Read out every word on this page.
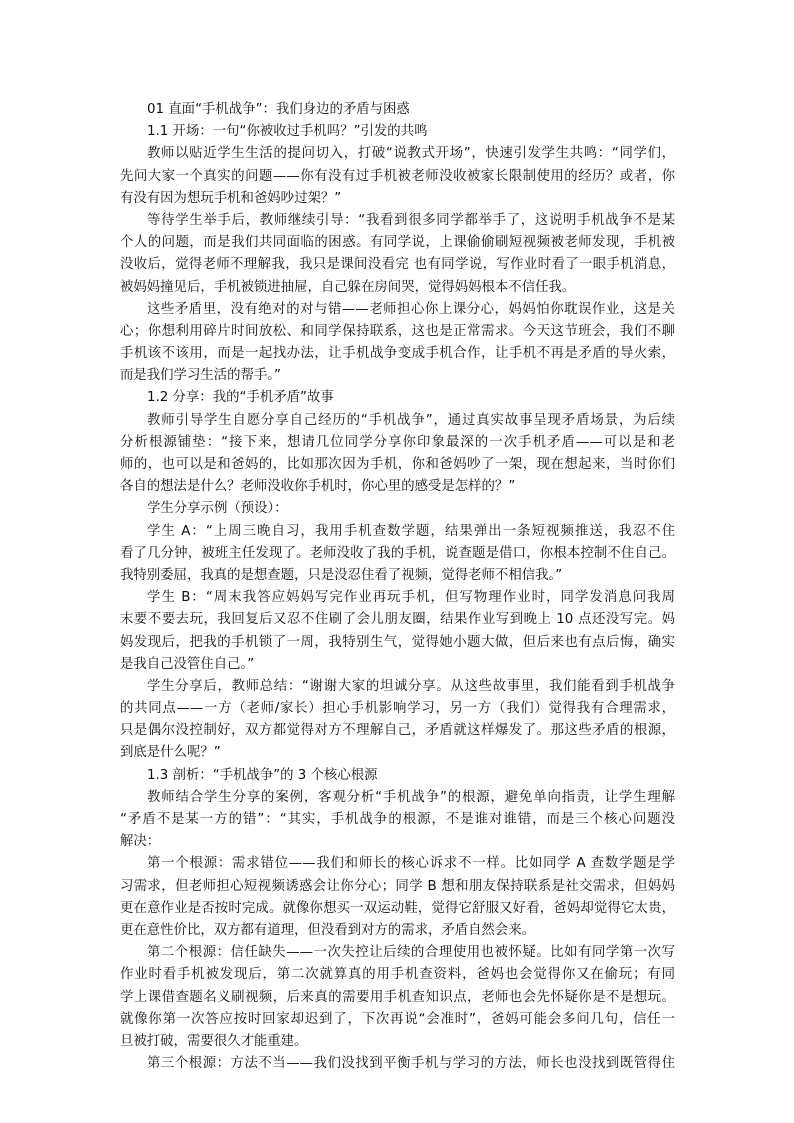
01 直面“手机战争”：我们身边的矛盾与困惑
1.1 开场：一句“你被收过手机吗？”引发的共鸣
教师以贴近学生生活的提问切入，打破“说教式开场”，快速引发学生共鸣：“同学们，
先问大家一个真实的问题——你有没有过手机被老师没收被家长限制使用的经历？或者，你
有没有因为想玩手机和爸妈吵过架？”
等待学生举手后，教师继续引导：“我看到很多同学都举手了，这说明手机战争不是某
个人的问题，而是我们共同面临的困惑。有同学说，上课偷偷刷短视频被老师发现，手机被
没收后，觉得老师不理解我，我只是课间没看完 也有同学说，写作业时看了一眼手机消息，
被妈妈撞见后，手机被锁进抽屉，自己躲在房间哭，觉得妈妈根本不信任我。
这些矛盾里，没有绝对的对与错——老师担心你上课分心，妈妈怕你耽误作业，这是关
心；你想利用碎片时间放松、和同学保持联系，这也是正常需求。今天这节班会，我们不聊
手机该不该用，而是一起找办法，让手机战争变成手机合作，让手机不再是矛盾的导火索，
而是我们学习生活的帮手。”
1.2 分享：我的“手机矛盾”故事
教师引导学生自愿分享自己经历的“手机战争”，通过真实故事呈现矛盾场景，为后续
分析根源铺垫：“接下来，想请几位同学分享你印象最深的一次手机矛盾——可以是和老
师的，也可以是和爸妈的，比如那次因为手机，你和爸妈吵了一架，现在想起来，当时你们
各自的想法是什么？老师没收你手机时，你心里的感受是怎样的？”
学生分享示例（预设）：
学生 A：“上周三晚自习，我用手机查数学题，结果弹出一条短视频推送，我忍不住
看了几分钟，被班主任发现了。老师没收了我的手机，说查题是借口，你根本控制不住自己。
我特别委屈，我真的是想查题，只是没忍住看了视频，觉得老师不相信我。”
学生 B：“周末我答应妈妈写完作业再玩手机，但写物理作业时，同学发消息问我周
末要不要去玩，我回复后又忍不住刷了会儿朋友圈，结果作业写到晚上 10 点还没写完。妈
妈发现后，把我的手机锁了一周，我特别生气，觉得她小题大做，但后来也有点后悔，确实
是我自己没管住自己。”
学生分享后，教师总结：“谢谢大家的坦诚分享。从这些故事里，我们能看到手机战争
的共同点——一方（老师/家长）担心手机影响学习，另一方（我们）觉得我有合理需求，
只是偶尔没控制好，双方都觉得对方不理解自己，矛盾就这样爆发了。那这些矛盾的根源，
到底是什么呢？”
1.3 剖析：“手机战争”的 3 个核心根源
教师结合学生分享的案例，客观分析“手机战争”的根源，避免单向指责，让学生理解
“矛盾不是某一方的错”：“其实，手机战争的根源，不是谁对谁错，而是三个核心问题没
解决：
第一个根源：需求错位——我们和师长的核心诉求不一样。比如同学 A 查数学题是学
习需求，但老师担心短视频诱惑会让你分心；同学 B 想和朋友保持联系是社交需求，但妈妈
更在意作业是否按时完成。就像你想买一双运动鞋，觉得它舒服又好看，爸妈却觉得它太贵，
更在意性价比，双方都有道理，但没看到对方的需求，矛盾自然会来。
第二个根源：信任缺失——一次失控让后续的合理使用也被怀疑。比如有同学第一次写
作业时看手机被发现后，第二次就算真的用手机查资料，爸妈也会觉得你又在偷玩；有同
学上课借查题名义刷视频，后来真的需要用手机查知识点，老师也会先怀疑你是不是想玩。
就像你第一次答应按时回家却迟到了，下次再说“会准时”，爸妈可能会多问几句，信任一
旦被打破，需要很久才能重建。
第三个根源：方法不当——我们没找到平衡手机与学习的方法，师长也没找到既管得住
